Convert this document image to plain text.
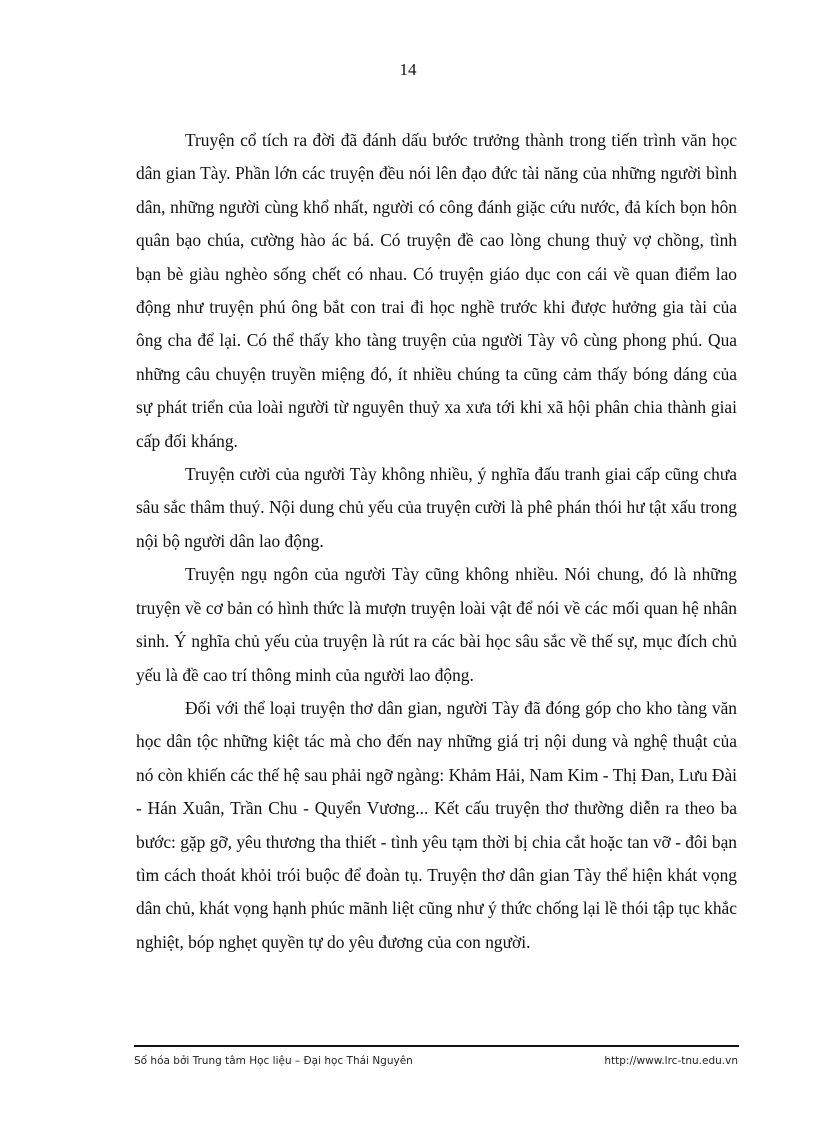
14

Truyện cổ tích ra đời đã đánh dấu bước trưởng thành trong tiến trình văn học dân gian Tày. Phần lớn các truyện đều nói lên đạo đức tài năng của những người bình dân, những người cùng khổ nhất, người có công đánh giặc cứu nước, đả kích bọn hôn quân bạo chúa, cường hào ác bá. Có truyện đề cao lòng chung thuỷ vợ chồng, tình bạn bè giàu nghèo sống chết có nhau. Có truyện giáo dục con cái về quan điểm lao động như truyện phú ông bắt con trai đi học nghề trước khi được hưởng gia tài của ông cha để lại. Có thể thấy kho tàng truyện của người Tày vô cùng phong phú. Qua những câu chuyện truyền miệng đó, ít nhiều chúng ta cũng cảm thấy bóng dáng của sự phát triển của loài người từ nguyên thuỷ xa xưa tới khi xã hội phân chia thành giai cấp đối kháng.

Truyện cười của người Tày không nhiều, ý nghĩa đấu tranh giai cấp cũng chưa sâu sắc thâm thuý. Nội dung chủ yếu của truyện cười là phê phán thói hư tật xấu trong nội bộ người dân lao động.

Truyện ngụ ngôn của người Tày cũng không nhiều. Nói chung, đó là những truyện về cơ bản có hình thức là mượn truyện loài vật để nói về các mối quan hệ nhân sinh. Ý nghĩa chủ yếu của truyện là rút ra các bài học sâu sắc về thế sự, mục đích chủ yếu là đề cao trí thông minh của người lao động.

Đối với thể loại truyện thơ dân gian, người Tày đã đóng góp cho kho tàng văn học dân tộc những kiệt tác mà cho đến nay những giá trị nội dung và nghệ thuật của nó còn khiến các thế hệ sau phải ngỡ ngàng: Khảm Hải, Nam Kim - Thị Đan, Lưu Đài - Hán Xuân, Trần Chu - Quyển Vương... Kết cấu truyện thơ thường diễn ra theo ba bước: gặp gỡ, yêu thương tha thiết - tình yêu tạm thời bị chia cắt hoặc tan vỡ - đôi bạn tìm cách thoát khỏi trói buộc để đoàn tụ. Truyện thơ dân gian Tày thể hiện khát vọng dân chủ, khát vọng hạnh phúc mãnh liệt cũng như ý thức chống lại lề thói tập tục khắc nghiệt, bóp nghẹt quyền tự do yêu đương của con người.

Số hóa bởi Trung tâm Học liệu – Đại học Thái Nguyên	http://www.lrc-tnu.edu.vn
